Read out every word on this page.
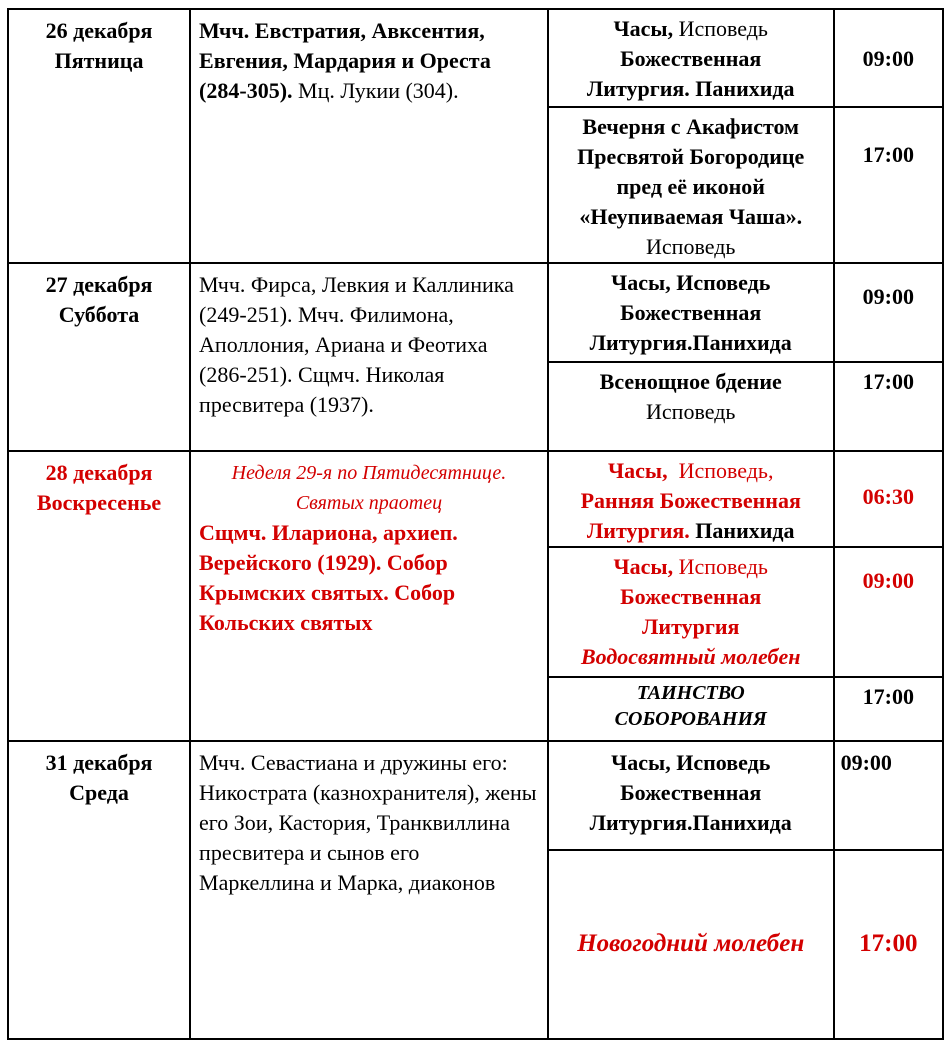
26 декабря
Пятница	Мчч. Евстратия, Авксентия, Евгения, Мардария и Ореста (284-305). Мц. Лукии (304).	Часы, Исповедь
Божественная
Литургия. Панихида	09:00

		Вечерня с Акафистом
Пресвятой Богородице
пред её иконой
«Неупиваемая Чаша».
Исповедь	17:00

27 декабря
Суббота	Мчч. Фирса, Левкия и Каллиника (249-251). Мчч. Филимона, Аполлония, Ариана и Феотиха (286-251). Сщмч. Николая пресвитера (1937).	Часы, Исповедь
Божественная
Литургия.Панихида	09:00

		Всенощное бдение
Исповедь	17:00

28 декабря
Воскресенье	Неделя 29-я по Пятидесятнице.
Святых праотец
Сщмч. Илариона, архиеп. Верейского (1929). Собор Крымских святых. Собор Кольских святых	Часы, Исповедь,
Ранняя Божественная
Литургия. Панихида	06:30

		Часы, Исповедь
Божественная
Литургия
Водосвятный молебен	09:00

		ТАИНСТВО
СОБОРОВАНИЯ	17:00

31 декабря
Среда	Мчч. Севастиана и дружины его: Никострата (казнохранителя), жены его Зои, Кастория, Транквиллина пресвитера и сынов его Маркеллина и Марка, диаконов	Часы, Исповедь
Божественная
Литургия.Панихида	09:00

		Новогодний молебен	17:00
